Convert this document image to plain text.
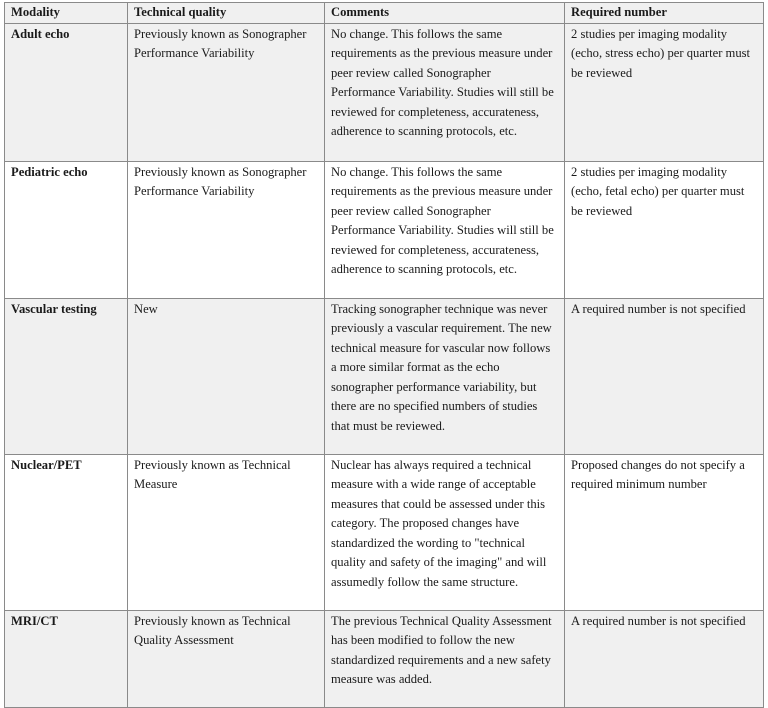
Modality	Technical quality	Comments	Required number
Adult echo	Previously known as Sonographer Performance Variability	No change. This follows the same requirements as the previous measure under peer review called Sonographer Performance Variability. Studies will still be reviewed for completeness, accurateness, adherence to scanning protocols, etc.	2 studies per imaging modality (echo, stress echo) per quarter must be reviewed
Pediatric echo	Previously known as Sonographer Performance Variability	No change. This follows the same requirements as the previous measure under peer review called Sonographer Performance Variability. Studies will still be reviewed for completeness, accurateness, adherence to scanning protocols, etc.	2 studies per imaging modality (echo, fetal echo) per quarter must be reviewed
Vascular testing	New	Tracking sonographer technique was never previously a vascular requirement. The new technical measure for vascular now follows a more similar format as the echo sonographer performance variability, but there are no specified numbers of studies that must be reviewed.	A required number is not specified
Nuclear/PET	Previously known as Technical Measure	Nuclear has always required a technical measure with a wide range of acceptable measures that could be assessed under this category. The proposed changes have standardized the wording to "technical quality and safety of the imaging" and will assumedly follow the same structure.	Proposed changes do not specify a required minimum number
MRI/CT	Previously known as Technical Quality Assessment	The previous Technical Quality Assessment has been modified to follow the new standardized requirements and a new safety measure was added.	A required number is not specified
